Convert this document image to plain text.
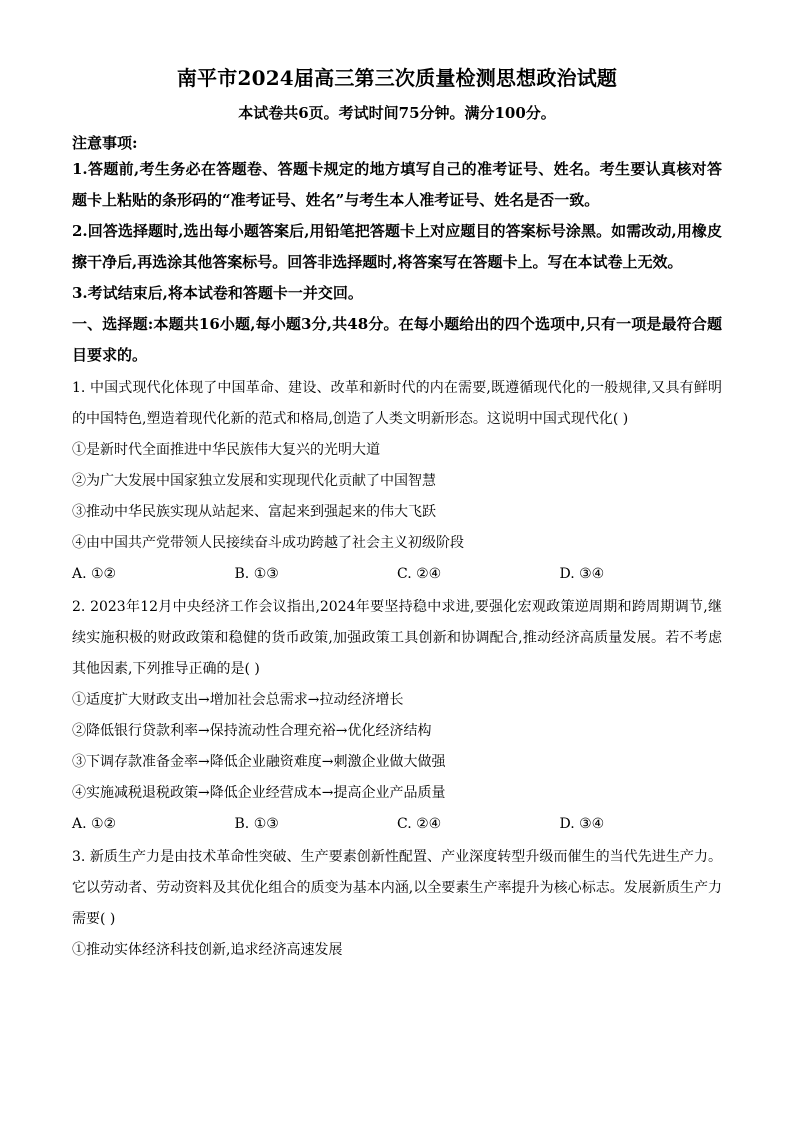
南平市2024届高三第三次质量检测思想政治试题
本试卷共6页。考试时间75分钟。满分100分。
注意事项:
1.答题前,考生务必在答题卷、答题卡规定的地方填写自己的准考证号、姓名。考生要认真核对答题卡上粘贴的条形码的“准考证号、姓名”与考生本人准考证号、姓名是否一致。
2.回答选择题时,选出每小题答案后,用铅笔把答题卡上对应题目的答案标号涂黑。如需改动,用橡皮擦干净后,再选涂其他答案标号。回答非选择题时,将答案写在答题卡上。写在本试卷上无效。
3.考试结束后,将本试卷和答题卡一并交回。
一、选择题:本题共16小题,每小题3分,共48分。在每小题给出的四个选项中,只有一项是最符合题目要求的。
1. 中国式现代化体现了中国革命、建设、改革和新时代的内在需要,既遵循现代化的一般规律,又具有鲜明的中国特色,塑造着现代化新的范式和格局,创造了人类文明新形态。这说明中国式现代化( )
①是新时代全面推进中华民族伟大复兴的光明大道
②为广大发展中国家独立发展和实现现代化贡献了中国智慧
③推动中华民族实现从站起来、富起来到强起来的伟大飞跃
④由中国共产党带领人民接续奋斗成功跨越了社会主义初级阶段
A. ①②	B. ①③	C. ②④	D. ③④
2. 2023年12月中央经济工作会议指出,2024年要坚持稳中求进,要强化宏观政策逆周期和跨周期调节,继续实施积极的财政政策和稳健的货币政策,加强政策工具创新和协调配合,推动经济高质量发展。若不考虑其他因素,下列推导正确的是( )
①适度扩大财政支出→增加社会总需求→拉动经济增长
②降低银行贷款利率→保持流动性合理充裕→优化经济结构
③下调存款准备金率→降低企业融资难度→刺激企业做大做强
④实施减税退税政策→降低企业经营成本→提高企业产品质量
A. ①②	B. ①③	C. ②④	D. ③④
3. 新质生产力是由技术革命性突破、生产要素创新性配置、产业深度转型升级而催生的当代先进生产力。它以劳动者、劳动资料及其优化组合的质变为基本内涵,以全要素生产率提升为核心标志。发展新质生产力需要( )
①推动实体经济科技创新,追求经济高速发展
